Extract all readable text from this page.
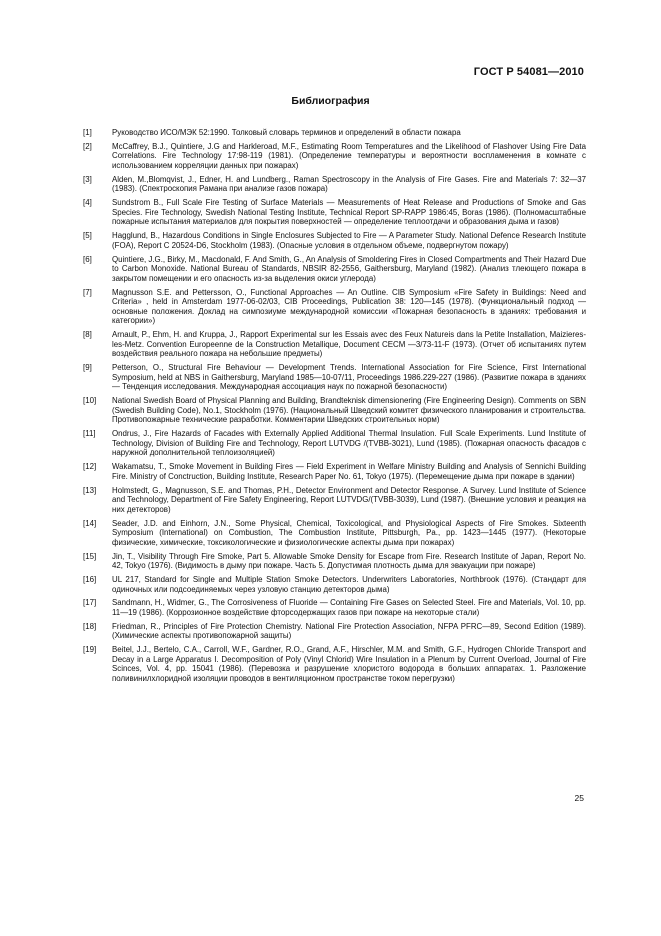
ГОСТ Р 54081—2010
Библиография
[1]	Руководство ИСО/МЭК 52:1990. Толковый словарь терминов и определений в области пожара
[2]	McCaffrey, B.J., Quintiere, J.G and Harkleroad, M.F., Estimating Room Temperatures and the Likelihood of Flashover Using Fire Data Correlations. Fire Technology 17:98-119 (1981). (Определение температуры и вероятности воспламенения в комнате с использованием корреляции данных при пожарах)
[3]	Alden, M.,Blomqvist, J., Edner, H. and Lundberg., Raman Spectroscopy in the Analysis of Fire Gases. Fire and Materials 7: 32—37 (1983). (Спектроскопия Рамана при анализе газов пожара)
[4]	Sundstrom B., Full Scale Fire Testing of Surface Materials — Measurements of Heat Release and Productions of Smoke and Gas Species. Fire Technology, Swedish National Testing Institute, Technical Report SP-RAPP 1986:45, Boras (1986). (Полномасштабные пожарные испытания материалов для покрытия поверхностей — определение теплоотдачи и образования дыма и газов)
[5]	Hagglund, B., Hazardous Conditions in Single Enclosures Subjected to Fire — A Parameter Study. National Defence Research Institute (FOA), Report C 20524-D6, Stockholm (1983). (Опасные условия в отдельном объеме, подвергнутом пожару)
[6]	Quintiere, J.G., Birky, M., Macdonald, F. And Smith, G., An Analysis of Smoldering Fires in Closed Compartments and Their Hazard Due to Carbon Monoxide. National Bureau of Standards, NBSIR 82-2556, Gaithersburg, Maryland (1982). (Анализ тлеющего пожара в закрытом помещении и его опасность из-за выделения окиси углерода)
[7]	Magnusson S.E. and Pettersson, O., Functional Approaches — An Outline. CIB Symposium «Fire Safety in Buildings: Need and Criteria» , held in Amsterdam 1977-06-02/03, CIB Proceedings, Publication 38: 120—145 (1978). (Функциональный подход — основные положения. Доклад на симпозиуме международной комиссии «Пожарная безопасность в зданиях: требования и категории»)
[8]	Arnault, P., Ehm, H. and Kruppa, J., Rapport Experimental sur les Essais avec des Feux Natureis dans la Petite Installation, Maizieres-les-Metz. Convention Europeenne de la Construction Metallique, Document CECM —3/73-11-F (1973). (Отчет об испытаниях путем воздействия реального пожара на небольшие предметы)
[9]	Petterson, O., Structural Fire Behaviour — Development Trends. International Association for Fire Science, First International Symposium, held at NBS in Gaithersburg, Maryland 1985—10-07/11, Proceedings 1986.229-227 (1986). (Развитие пожара в зданиях — Тенденция исследования. Международная ассоциация наук по пожарной безопасности)
[10]	National Swedish Board of Physical Planning and Building, Brandteknisk dimensionering (Fire Engineering Design). Comments on SBN (Swedish Building Code), No.1, Stockholm (1976). (Национальный Шведский комитет физического планирования и строительства. Противопожарные технические разработки. Комментарии Шведских строительных норм)
[11]	Ondrus, J., Fire Hazards of Facades with Externally Applied Additional Thermal Insulation. Full Scale Experiments. Lund Institute of Technology, Division of Building Fire and Technology, Report LUTVDG /(TVBB-3021), Lund (1985). (Пожарная опасность фасадов с наружной дополнительной теплоизоляцией)
[12]	Wakamatsu, T., Smoke Movement in Building Fires — Field Experiment in Welfare Ministry Building and Analysis of Sennichi Building Fire. Ministry of Conctruction, Building Institute, Research Paper No. 61, Tokyo (1975). (Перемещение дыма при пожаре в здании)
[13]	Holmstedt, G., Magnusson, S.E. and Thomas, P.H., Detector Environment and Detector Response. A Survey. Lund Institute of Science and Technology, Department of Fire Safety Engineering, Report LUTVDG/(TVBB-3039), Lund (1987). (Внешние условия и реакция на них детекторов)
[14]	Seader, J.D. and Einhorn, J.N., Some Physical, Chemical, Toxicological, and Physiological Aspects of Fire Smokes. Sixteenth Symposium (International) on Combustion, The Combustion Institute, Pittsburgh, Pa., pp. 1423—1445 (1977). (Некоторые физические, химические, токсикологические и физиологические аспекты дыма при пожарах)
[15]	Jin, T., Visibility Through Fire Smoke, Part 5. Allowable Smoke Density for Escape from Fire. Research Institute of Japan, Report No. 42, Tokyo (1976). (Видимость в дыму при пожаре. Часть 5. Допустимая плотность дыма для эвакуации при пожаре)
[16]	UL 217, Standard for Single and Multiple Station Smoke Detectors. Underwriters Laboratories, Northbrook (1976). (Стандарт для одиночных или подсоединяемых через узловую станцию детекторов дыма)
[17]	Sandmann, H., Widmer, G., The Corrosiveness of Fluoride — Containing Fire Gases on Selected Steel. Fire and Materials, Vol. 10, pp. 11—19 (1986). (Коррозионное воздействие фторсодержащих газов при пожаре на некоторые стали)
[18]	Friedman, R., Principles of Fire Protection Chemistry. National Fire Protection Association, NFPA PFRC—89, Second Edition (1989). (Химические аспекты противопожарной защиты)
[19]	Beitel, J.J., Bertelo, C.A., Carroll, W.F., Gardner, R.O., Grand, A.F., Hirschler, M.M. and Smith, G.F., Hydrogen Chloride Transport and Decay in a Large Apparatus I. Decomposition of Poly (Vinyl Chlorid) Wire Insulation in a Plenum by Current Overload, Journal of Fire Scinces, Vol. 4, pp. 15041 (1986). (Перевозка и разрушение хлористого водорода в больших аппаратах. 1. Разложение поливинилхлоридной изоляции проводов в вентиляционном пространстве током перегрузки)
25
